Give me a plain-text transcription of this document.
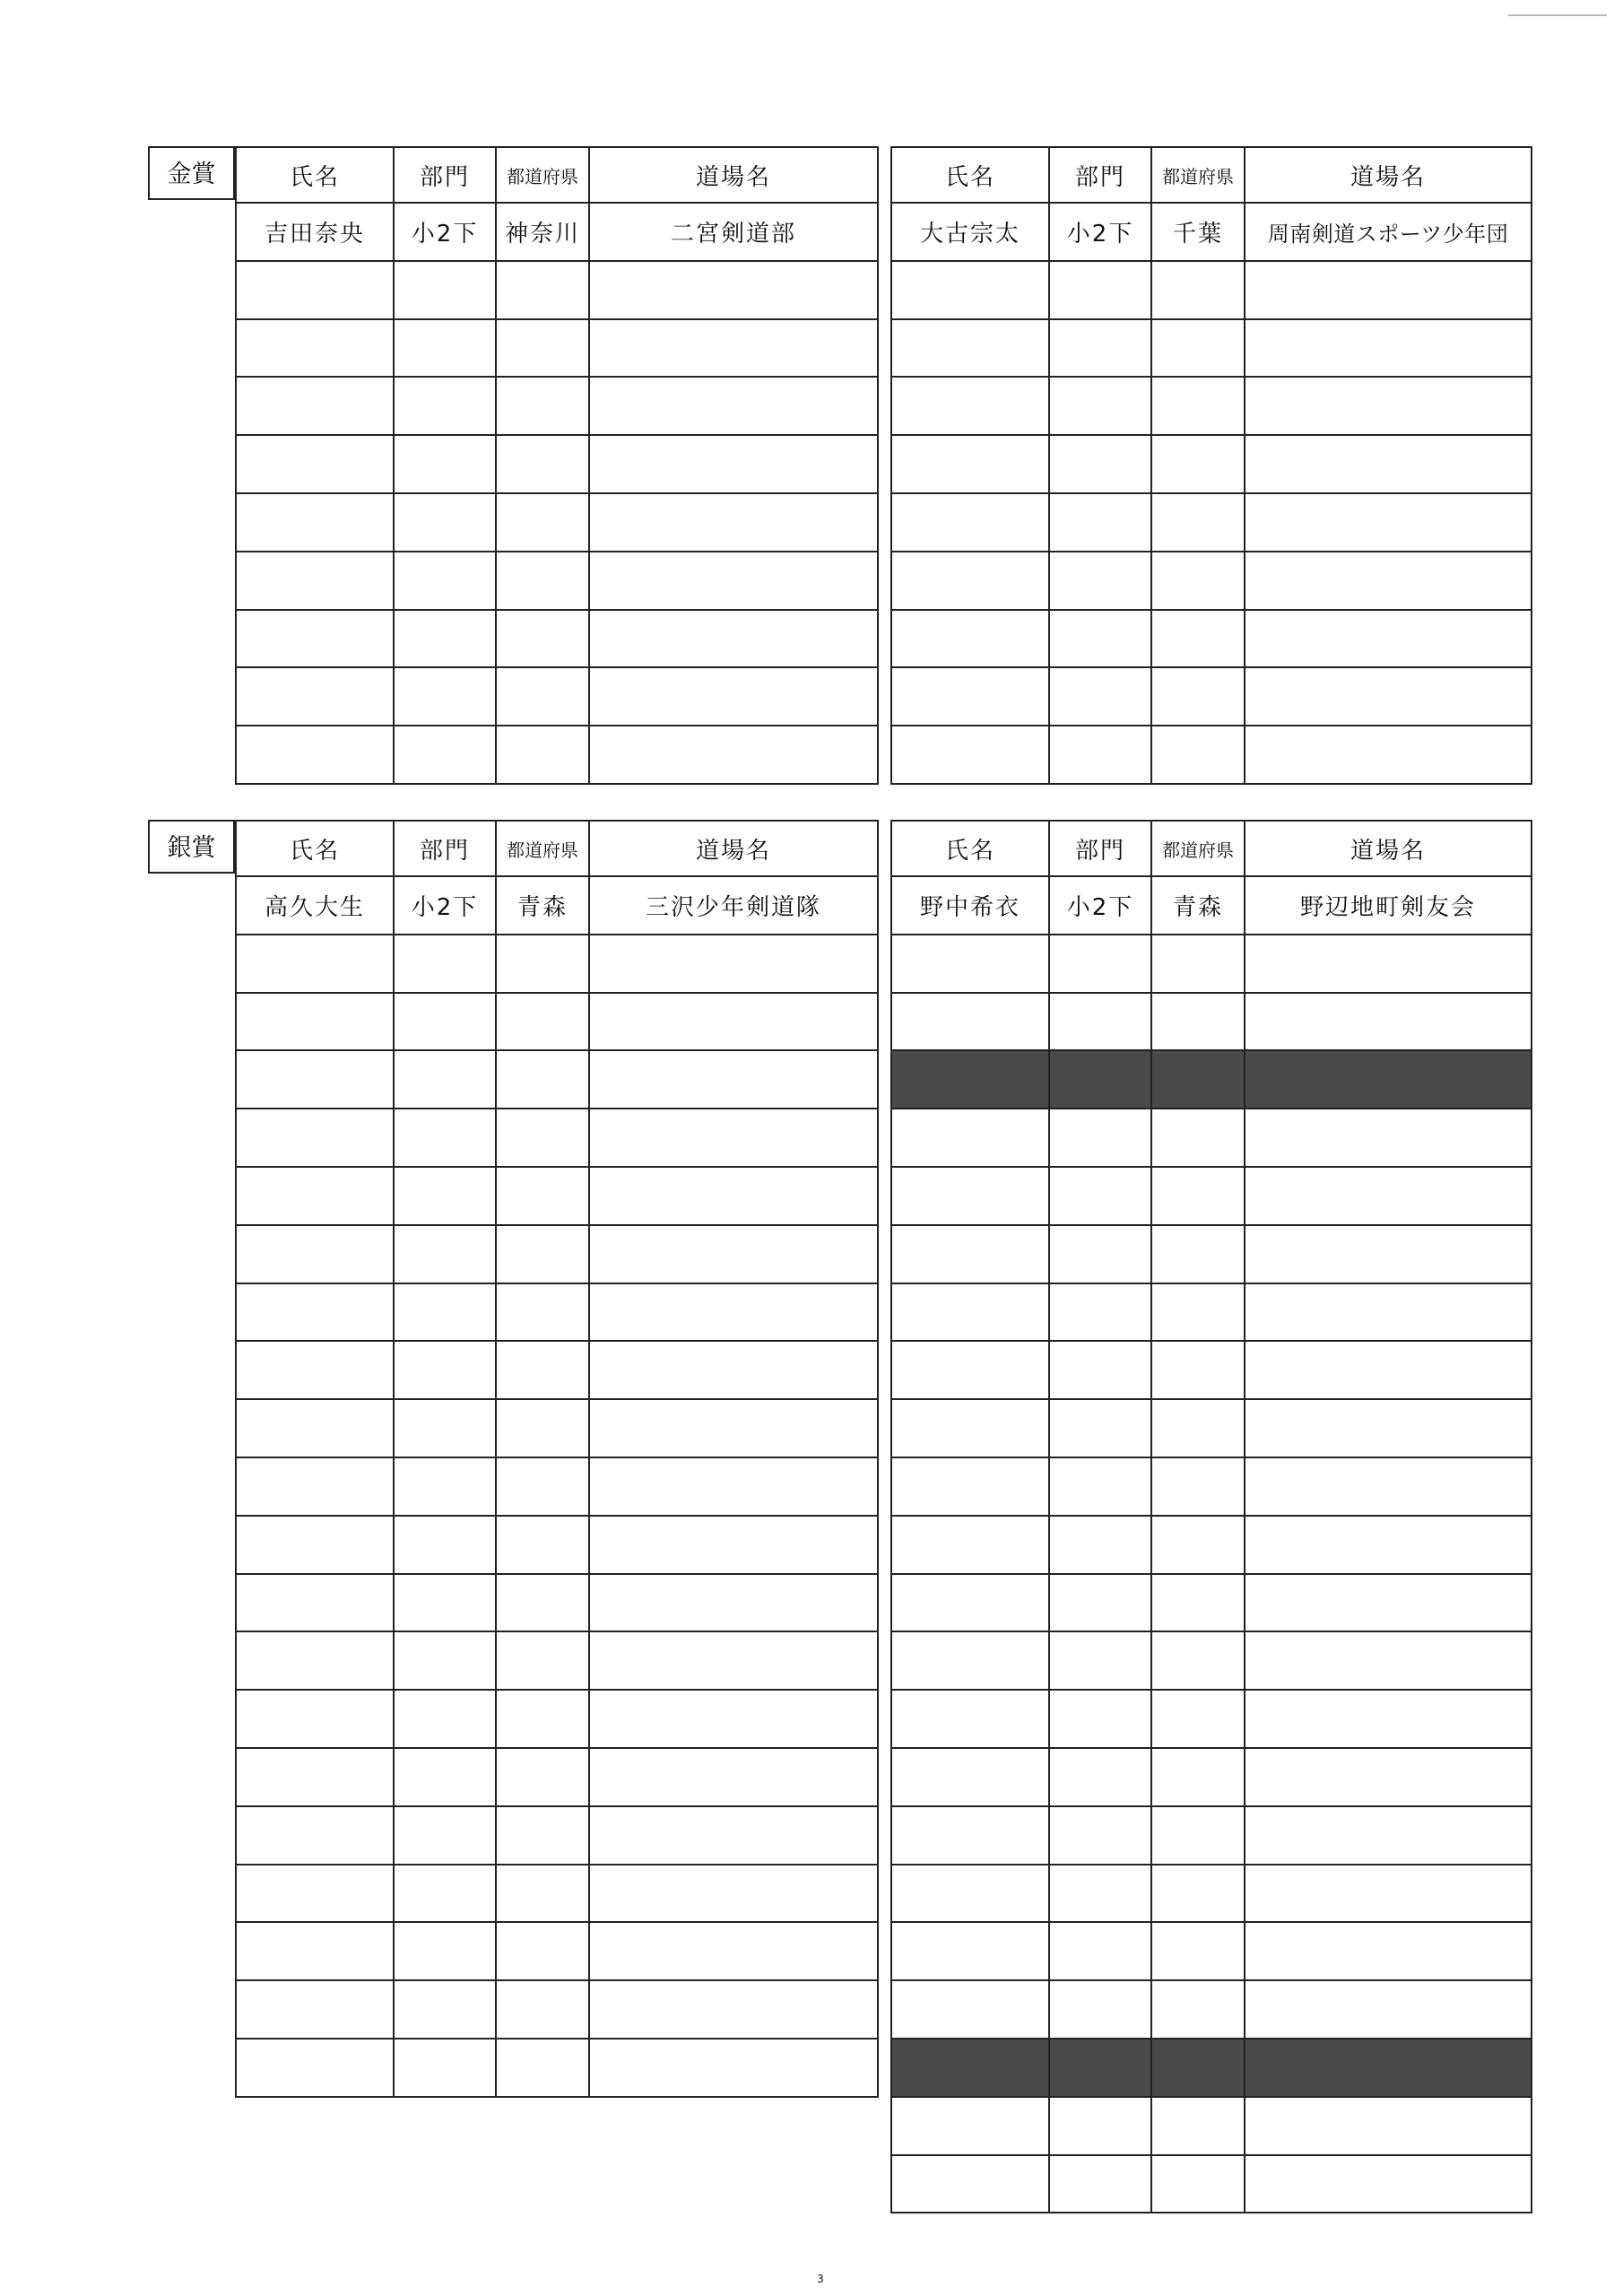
金賞	氏名	部門	都道府県	道場名
吉田奈央	小2下	神奈川	二宮剣道部

氏名	部門	都道府県	道場名
大古宗太	小2下	千葉	周南剣道スポーツ少年団

銀賞	氏名	部門	都道府県	道場名
高久大生	小2下	青森	三沢少年剣道隊

氏名	部門	都道府県	道場名
野中希衣	小2下	青森	野辺地町剣友会

3
